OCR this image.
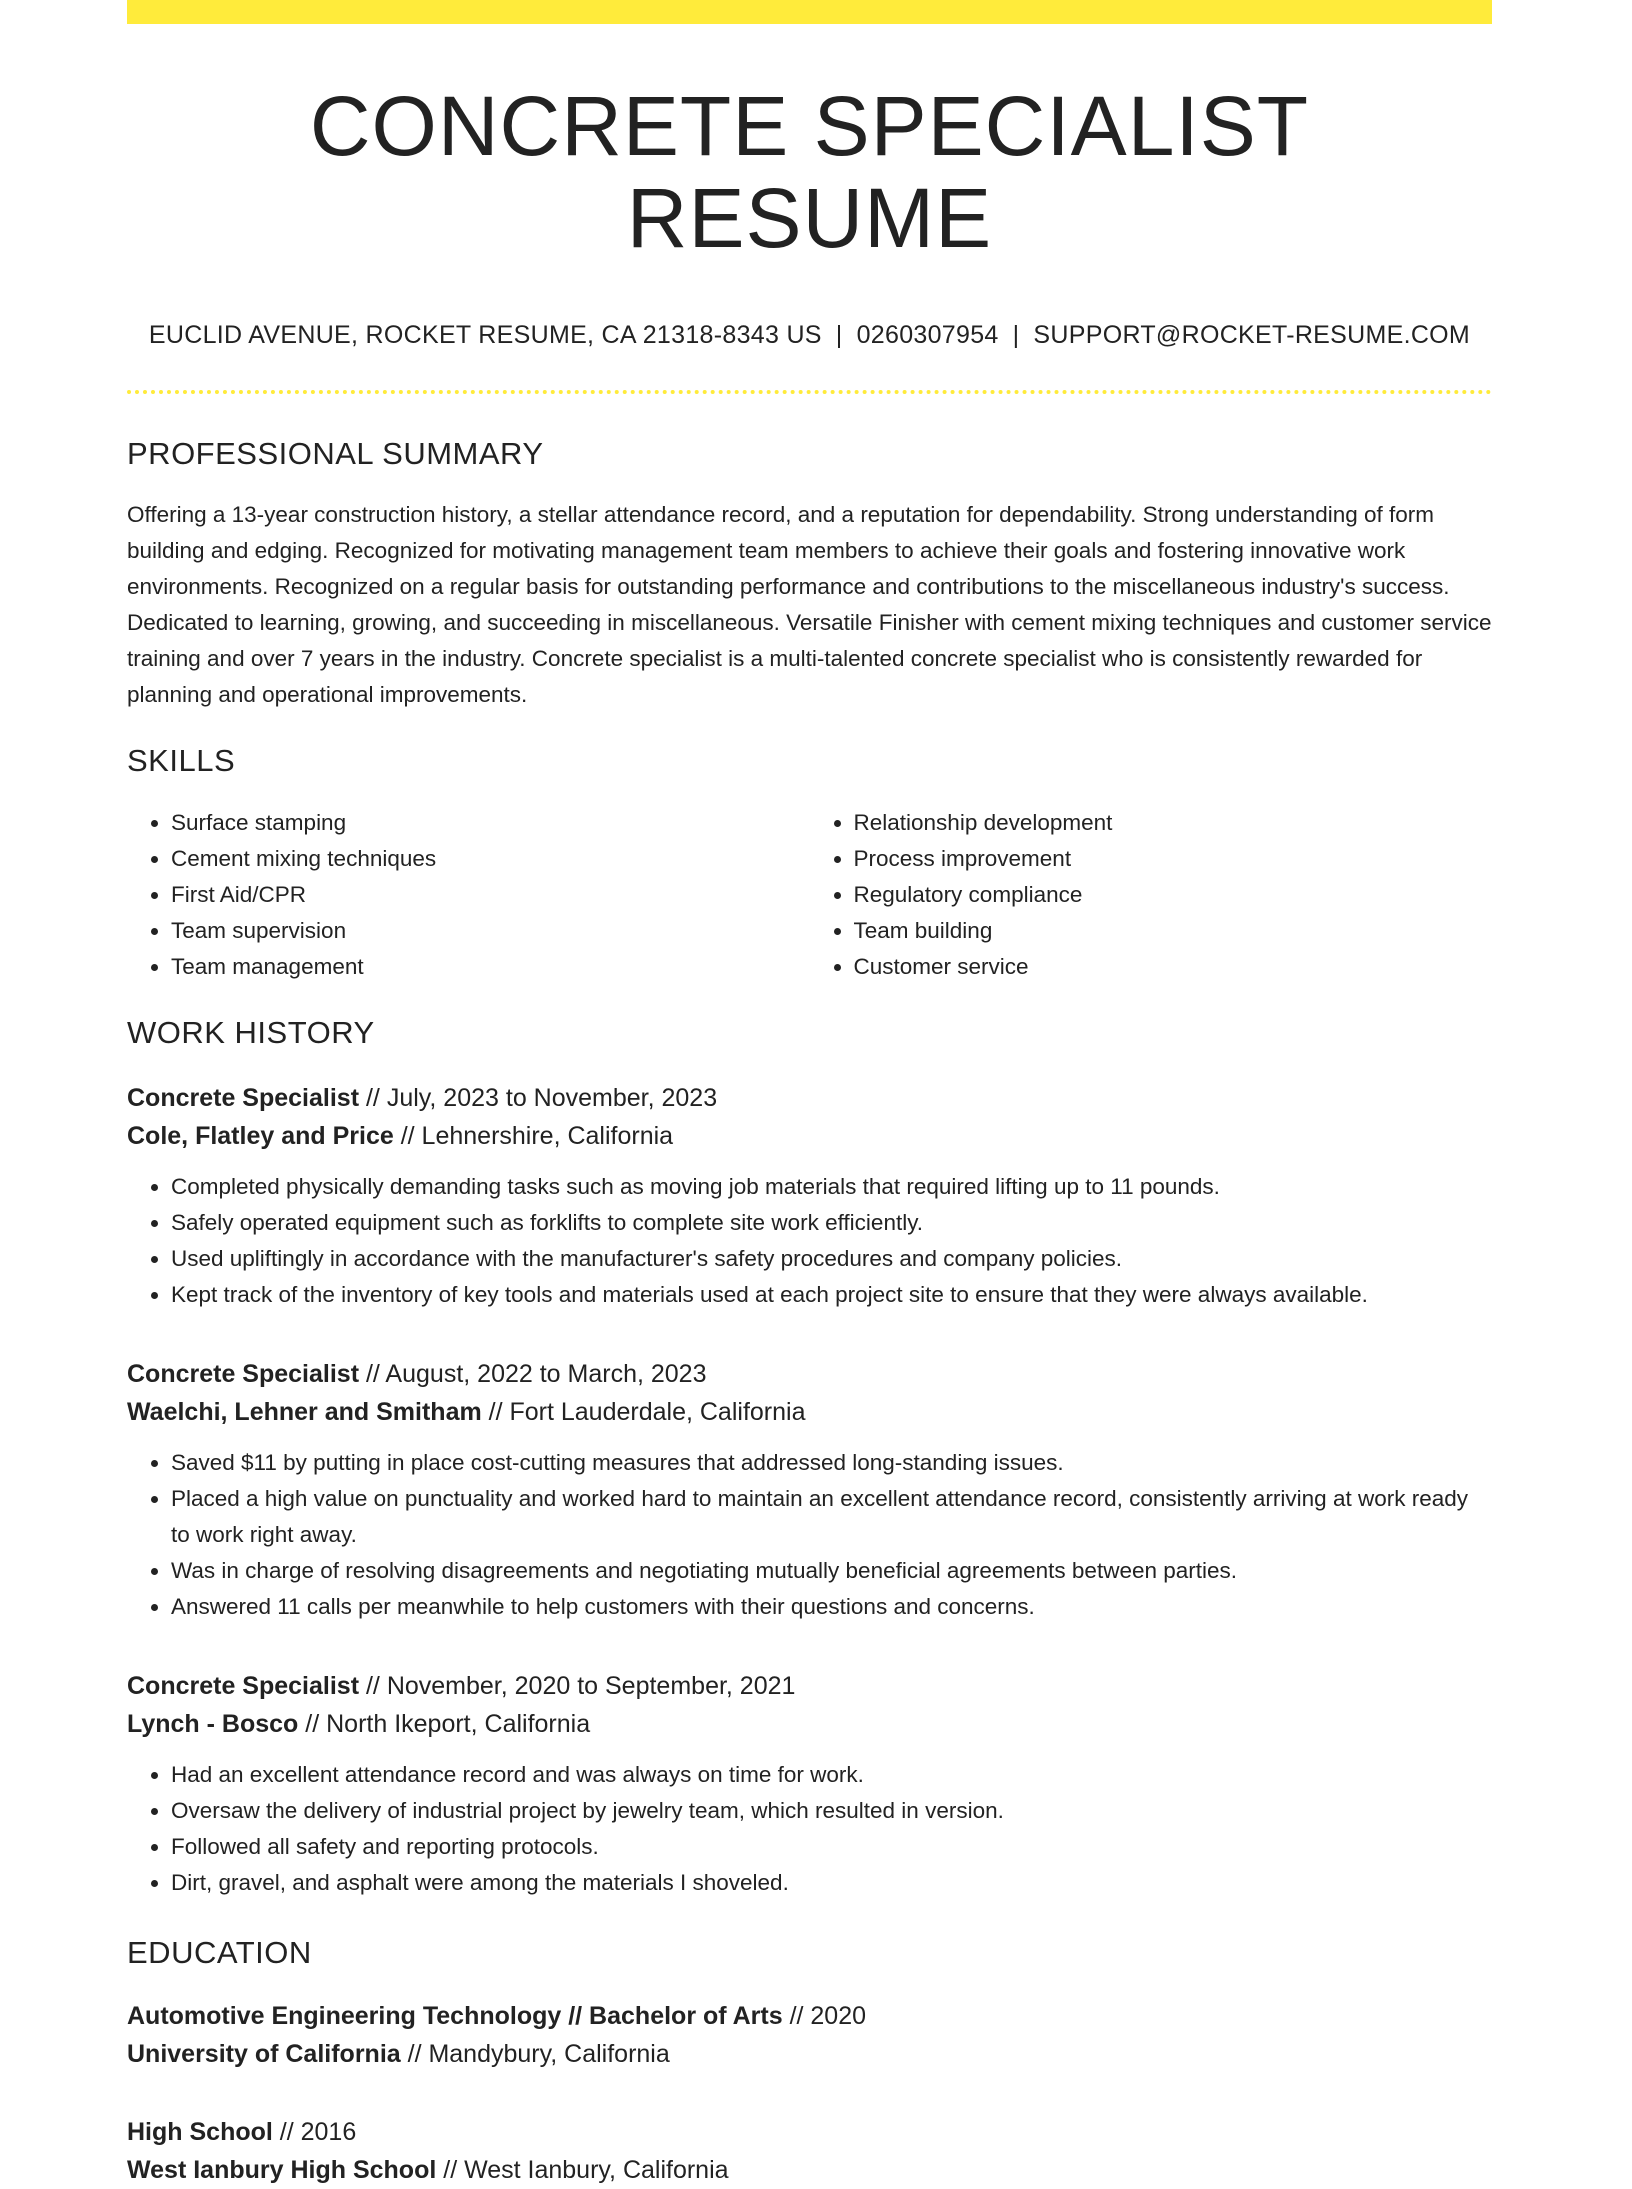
CONCRETE SPECIALIST RESUME
EUCLID AVENUE, ROCKET RESUME, CA 21318-8343 US | 0260307954 | SUPPORT@ROCKET-RESUME.COM
PROFESSIONAL SUMMARY
Offering a 13-year construction history, a stellar attendance record, and a reputation for dependability. Strong understanding of form building and edging. Recognized for motivating management team members to achieve their goals and fostering innovative work environments. Recognized on a regular basis for outstanding performance and contributions to the miscellaneous industry's success. Dedicated to learning, growing, and succeeding in miscellaneous. Versatile Finisher with cement mixing techniques and customer service training and over 7 years in the industry. Concrete specialist is a multi-talented concrete specialist who is consistently rewarded for planning and operational improvements.
SKILLS
• Surface stamping
• Cement mixing techniques
• First Aid/CPR
• Team supervision
• Team management
• Relationship development
• Process improvement
• Regulatory compliance
• Team building
• Customer service
WORK HISTORY
Concrete Specialist // July, 2023 to November, 2023
Cole, Flatley and Price // Lehnershire, California
• Completed physically demanding tasks such as moving job materials that required lifting up to 11 pounds.
• Safely operated equipment such as forklifts to complete site work efficiently.
• Used upliftingly in accordance with the manufacturer's safety procedures and company policies.
• Kept track of the inventory of key tools and materials used at each project site to ensure that they were always available.
Concrete Specialist // August, 2022 to March, 2023
Waelchi, Lehner and Smitham // Fort Lauderdale, California
• Saved $11 by putting in place cost-cutting measures that addressed long-standing issues.
• Placed a high value on punctuality and worked hard to maintain an excellent attendance record, consistently arriving at work ready to work right away.
• Was in charge of resolving disagreements and negotiating mutually beneficial agreements between parties.
• Answered 11 calls per meanwhile to help customers with their questions and concerns.
Concrete Specialist // November, 2020 to September, 2021
Lynch - Bosco // North Ikeport, California
• Had an excellent attendance record and was always on time for work.
• Oversaw the delivery of industrial project by jewelry team, which resulted in version.
• Followed all safety and reporting protocols.
• Dirt, gravel, and asphalt were among the materials I shoveled.
EDUCATION
Automotive Engineering Technology // Bachelor of Arts // 2020
University of California // Mandybury, California
High School // 2016
West Ianbury High School // West Ianbury, California
